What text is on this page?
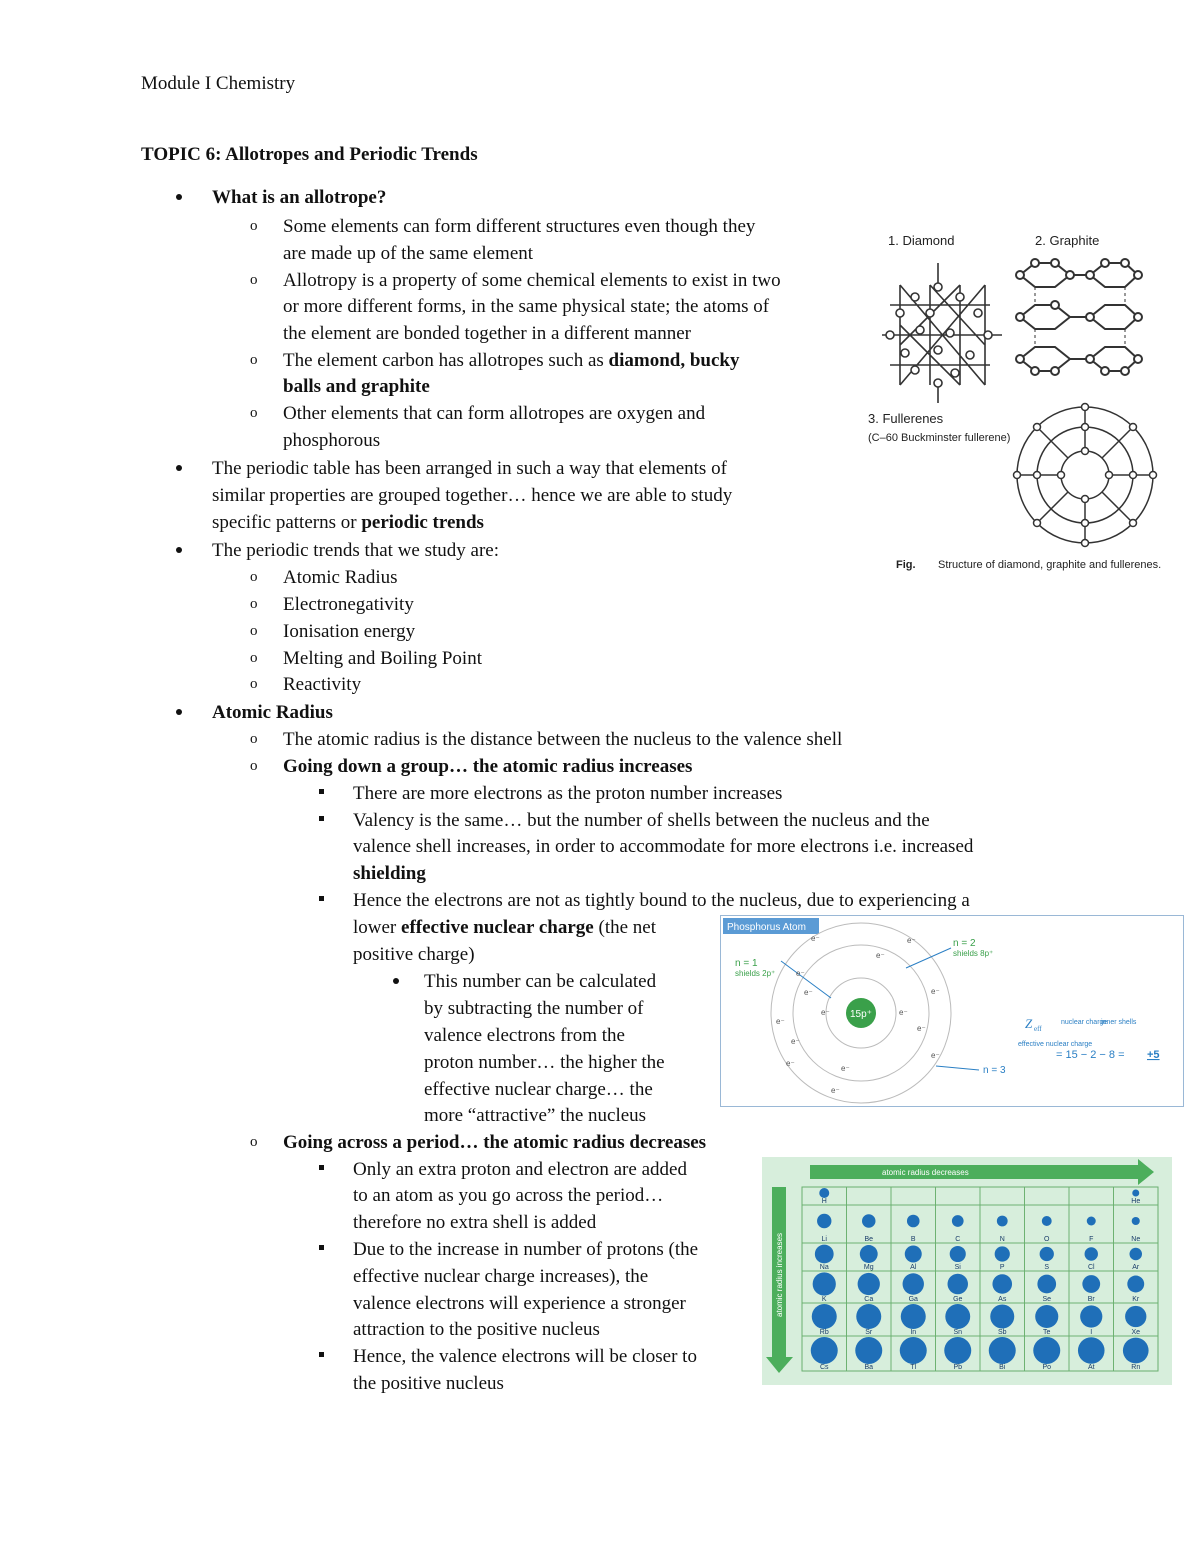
Module I Chemistry
TOPIC 6: Allotropes and Periodic Trends
What is an allotrope?
o Some elements can form different structures even though they
are made up of the same element
o Allotropy is a property of some chemical elements to exist in two
or more different forms, in the same physical state; the atoms of
the element are bonded together in a different manner
o The element carbon has allotropes such as diamond, bucky
balls and graphite
o Other elements that can form allotropes are oxygen and
phosphorous
The periodic table has been arranged in such a way that elements of
similar properties are grouped together… hence we are able to study
specific patterns or periodic trends
The periodic trends that we study are:
o Atomic Radius
o Electronegativity
o Ionisation energy
o Melting and Boiling Point
o Reactivity
Atomic Radius
o The atomic radius is the distance between the nucleus to the valence shell
o Going down a group… the atomic radius increases
There are more electrons as the proton number increases
Valency is the same… but the number of shells between the nucleus and the
valence shell increases, in order to accommodate for more electrons i.e. increased
shielding
Hence the electrons are not as tightly bound to the nucleus, due to experiencing a
lower effective nuclear charge (the net
positive charge)
This number can be calculated
by subtracting the number of
valence electrons from the
proton number… the higher the
effective nuclear charge… the
more “attractive” the nucleus
o Going across a period… the atomic radius decreases
Only an extra proton and electron are added
to an atom as you go across the period…
therefore no extra shell is added
Due to the increase in number of protons (the
effective nuclear charge increases), the
valence electrons will experience a stronger
attraction to the positive nucleus
Hence, the valence electrons will be closer to
the positive nucleus
1. Diamond	2. Graphite
3. Fullerenes
(C–60 Buckminster fullerene)
Fig. Structure of diamond, graphite and fullerenes.
Phosphorus Atom
15p⁺
n = 1
shields 2p⁺
n = 2
shields 8p⁺
n = 3
e⁻	e⁻
e⁻
e⁻
e⁻	e⁻
e⁻
e⁻
e⁻
e⁻
e⁻
e⁻
e⁻
e⁻
e⁻
Z eff
nuclear charge
inner shells
effective nuclear charge
= 15 − 2 − 8 = +5
atomic radius decreases
atomic radius increases
H	He
Li	Be	B	C	N	O	F	Ne
Na	Mg	Al	Si	P	S	Cl	Ar
K	Ca	Ga	Ge	As	Se	Br	Kr
Rb	Sr	In	Sn	Sb	Te	I	Xe
Cs	Ba	Tl	Pb	Bi	Po	At	Rn
